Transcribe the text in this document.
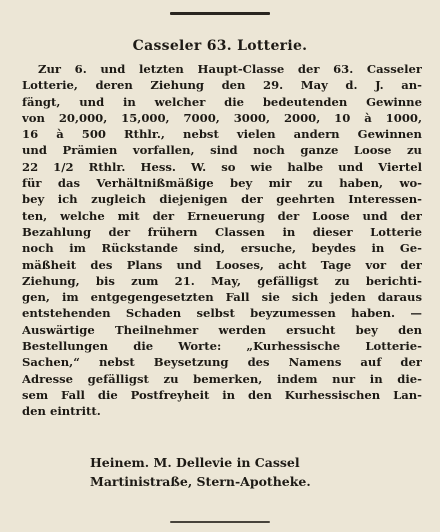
Casseler 63. Lotterie.
Zur 6. und letzten Haupt-Classe der 63. Casseler
Lotterie, deren Ziehung den 29. May d. J. an-
fängt, und in welcher die bedeutenden Gewinne
von 20,000, 15,000, 7000, 3000, 2000, 10 à 1000,
16 à 500 Rthlr., nebst vielen andern Gewinnen
und Prämien vorfallen, sind noch ganze Loose zu
22 1/2 Rthlr. Hess. W. so wie halbe und Viertel
für das Verhältnißmäßige bey mir zu haben, wo-
bey ich zugleich diejenigen der geehrten Interessen-
ten, welche mit der Erneuerung der Loose und der
Bezahlung der frühern Classen in dieser Lotterie
noch im Rückstande sind, ersuche, beydes in Ge-
mäßheit des Plans und Looses, acht Tage vor der
Ziehung, bis zum 21. May, gefälligst zu berichti-
gen, im entgegengesetzten Fall sie sich jeden daraus
entstehenden Schaden selbst beyzumessen haben. —
Auswärtige Theilnehmer werden ersucht bey den
Bestellungen die Worte: „Kurhessische Lotterie-
Sachen,“ nebst Beysetzung des Namens auf der
Adresse gefälligst zu bemerken, indem nur in die-
sem Fall die Postfreyheit in den Kurhessischen Lan-
den eintritt.
Heinem. M. Dellevie in Cassel
Martinistraße, Stern-Apotheke.
